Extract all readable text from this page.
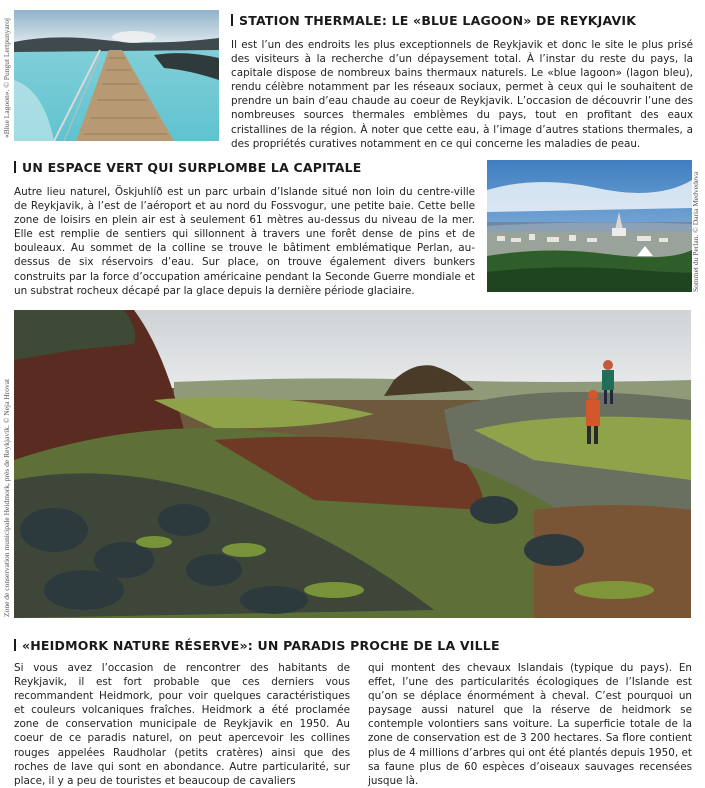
«Blue Lagoon». © Pungut Lertpunyaroj	STATION THERMALE: LE «BLUE LAGOON» DE REYKJAVIK

Il est l’un des endroits les plus exceptionnels de Reykjavik et donc le site le plus prisé des visiteurs à la recherche d’un dépaysement total. À l’instar du reste du pays, la capitale dispose de nombreux bains thermaux naturels. Le «blue lagoon» (lagon bleu), rendu célèbre notamment par les réseaux sociaux, permet à ceux qui le souhaitent de prendre un bain d’eau chaude au coeur de Reykjavik. L’occasion de découvrir l’une des nombreuses sources thermales emblèmes du pays, tout en profitant des eaux cristallines de la région. À noter que cette eau, à l’image d’autres stations thermales, a des propriétés curatives notamment en ce qui concerne les maladies de peau.

UN ESPACE VERT QUI SURPLOMBE LA CAPITALE

Autre lieu naturel, Öskjuhlíð est un parc urbain d’Islande situé non loin du centre-ville de Reykjavik, à l’est de l’aéroport et au nord du Fossvogur, une petite baie. Cette belle zone de loisirs en plein air est à seulement 61 mètres au-dessus du niveau de la mer. Elle est remplie de sentiers qui sillonnent à travers une forêt dense de pins et de bouleaux. Au sommet de la colline se trouve le bâtiment emblématique Perlan, au-dessus de six réservoirs d’eau. Sur place, on trouve également divers bunkers construits par la force d’occupation américaine pendant la Seconde Guerre mondiale et un substrat rocheux décapé par la glace depuis la dernière période glaciaire.	Sommet du Perlan. © Daria Medvedeva
Zone de conservation municipale Heidmork, près de Reykjavik. © Neja Hrovat
«HEIDMORK NATURE RÉSERVE»: UN PARADIS PROCHE DE LA VILLE

Si vous avez l’occasion de rencontrer des habitants de Reykjavik, il est fort probable que ces derniers vous recommandent Heidmork, pour voir quelques caractéristiques et couleurs volcaniques fraîches. Heidmork a été proclamée zone de conservation municipale de Reykjavik en 1950. Au coeur de ce paradis naturel, on peut apercevoir les collines rouges appelées Raudholar (petits cratères) ainsi que des roches de lave qui sont en abondance. Autre particularité, sur place, il y a peu de touristes et beaucoup de cavaliers

qui montent des chevaux Islandais (typique du pays). En effet, l’une des particularités écologiques de l’Islande est qu’on se déplace énormément à cheval. C’est pourquoi un paysage aussi naturel que la réserve de heidmork se contemple volontiers sans voiture. La superficie totale de la zone de conservation est de 3 200 hectares. Sa flore contient plus de 4 millions d’arbres qui ont été plantés depuis 1950, et sa faune plus de 60 espèces d’oiseaux sauvages recensées jusque là.
